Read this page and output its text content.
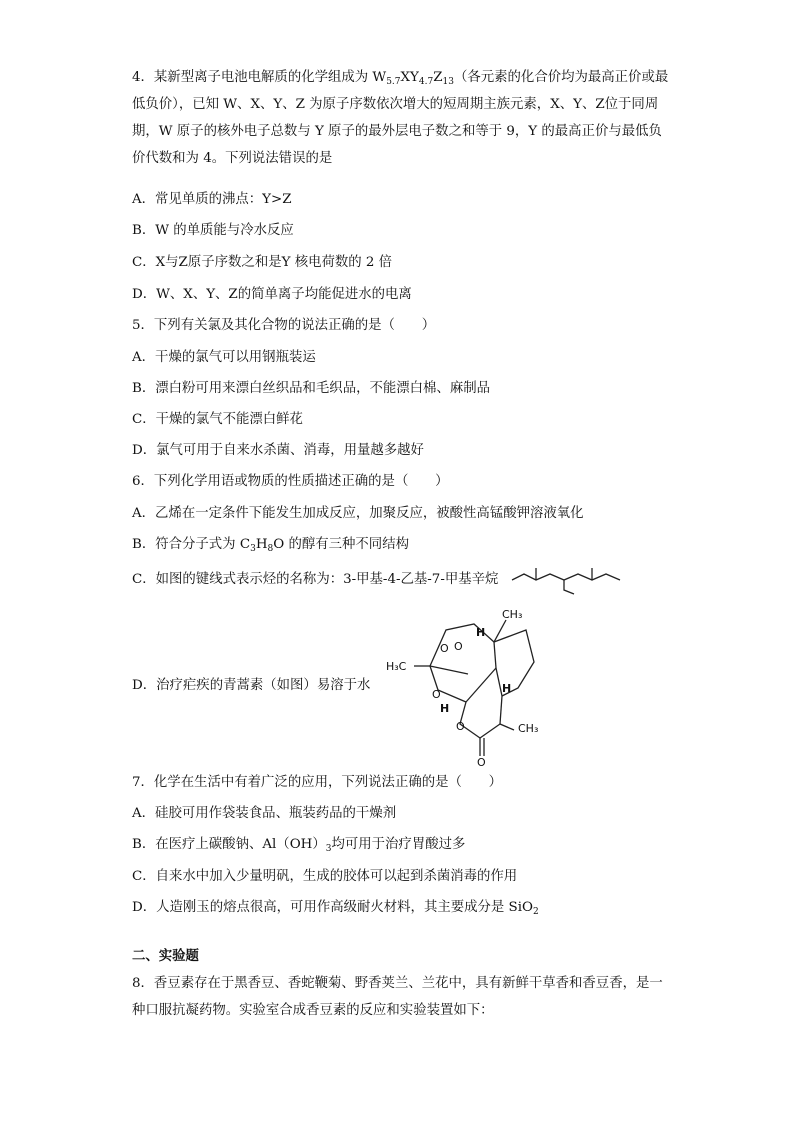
4．某新型离子电池电解质的化学组成为 $W_{5.7}XY_{4.7}Z_{13}$（各元素的化合价均为最高正价或最低负价），已知 W、X、Y、Z 为原子序数依次增大的短周期主族元素，X、Y、Z位于同周期，W 原子的核外电子总数与 Y 原子的最外层电子数之和等于 9，Y 的最高正价与最低负价代数和为 4。下列说法错误的是
A．常见单质的沸点：Y>Z
B．W 的单质能与冷水反应
C．X与Z原子序数之和是Y 核电荷数的 2 倍
D．W、X、Y、Z的简单离子均能促进水的电离
5．下列有关氯及其化合物的说法正确的是（　　）
A．干燥的氯气可以用钢瓶装运
B．漂白粉可用来漂白丝织品和毛织品，不能漂白棉、麻制品
C．干燥的氯气不能漂白鲜花
D．氯气可用于自来水杀菌、消毒，用量越多越好
6．下列化学用语或物质的性质描述正确的是（　　）
A．乙烯在一定条件下能发生加成反应，加聚反应，被酸性高锰酸钾溶液氧化
B．符合分子式为 $C_3H_8O$ 的醇有三种不同结构
C．如图的键线式表示烃的名称为：3-甲基-4-乙基-7-甲基辛烷
D．治疗疟疾的青蒿素（如图）易溶于水
H₃C
CH₃
CH₃
H
H
H
O O
O
O
O
7．化学在生活中有着广泛的应用，下列说法正确的是（　　）
A．硅胶可用作袋装食品、瓶装药品的干燥剂
B．在医疗上碳酸钠、$Al(OH)_3$均可用于治疗胃酸过多
C．自来水中加入少量明矾，生成的胶体可以起到杀菌消毒的作用
D．人造刚玉的熔点很高，可用作高级耐火材料，其主要成分是 SiO$_2$
二、实验题
8．香豆素存在于黑香豆、香蛇鞭菊、野香荚兰、兰花中，具有新鲜干草香和香豆香，是一种口服抗凝药物。实验室合成香豆素的反应和实验装置如下：
